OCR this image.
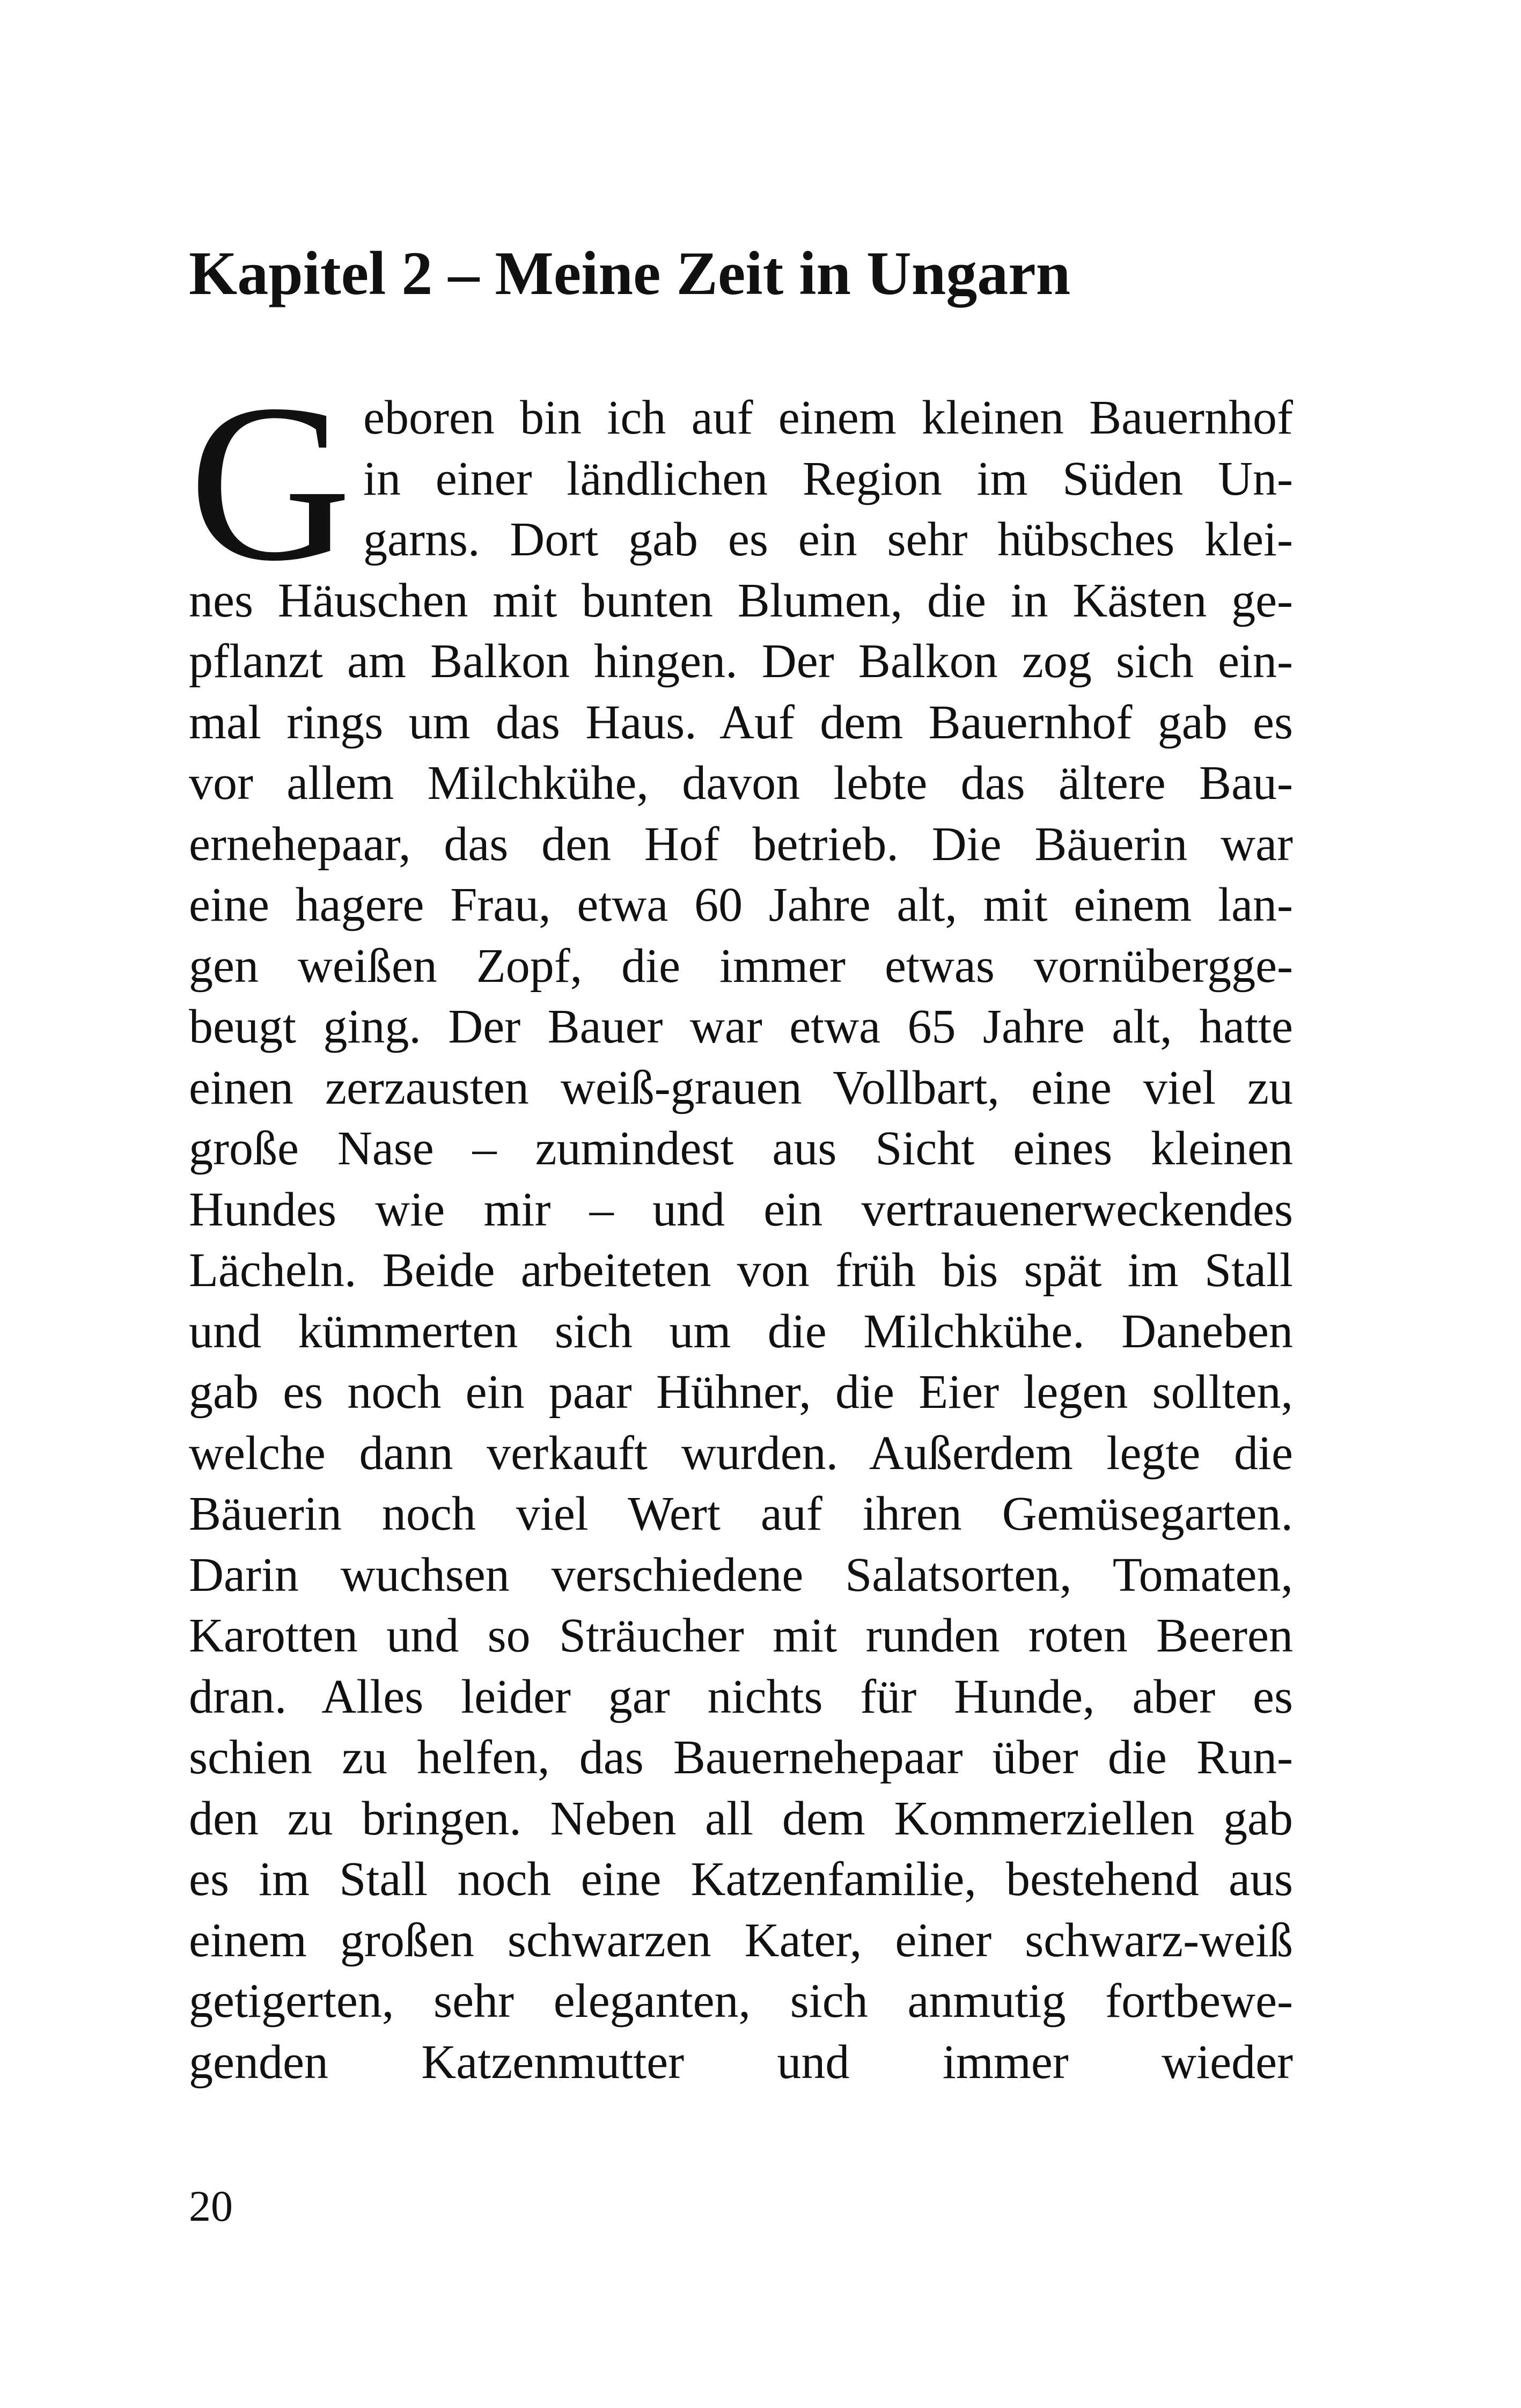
Kapitel 2 – Meine Zeit in Ungarn
G eboren bin ich auf einem kleinen Bauernhof
in einer ländlichen Region im Süden Un-
garns. Dort gab es ein sehr hübsches klei-
nes Häuschen mit bunten Blumen, die in Kästen ge-
pflanzt am Balkon hingen. Der Balkon zog sich ein-
mal rings um das Haus. Auf dem Bauernhof gab es
vor allem Milchkühe, davon lebte das ältere Bau-
ernehepaar, das den Hof betrieb. Die Bäuerin war
eine hagere Frau, etwa 60 Jahre alt, mit einem lan-
gen weißen Zopf, die immer etwas vornübergge-
beugt ging. Der Bauer war etwa 65 Jahre alt, hatte
einen zerzausten weiß-grauen Vollbart, eine viel zu
große Nase – zumindest aus Sicht eines kleinen
Hundes wie mir – und ein vertrauenerweckendes
Lächeln. Beide arbeiteten von früh bis spät im Stall
und kümmerten sich um die Milchkühe. Daneben
gab es noch ein paar Hühner, die Eier legen sollten,
welche dann verkauft wurden. Außerdem legte die
Bäuerin noch viel Wert auf ihren Gemüsegarten.
Darin wuchsen verschiedene Salatsorten, Tomaten,
Karotten und so Sträucher mit runden roten Beeren
dran. Alles leider gar nichts für Hunde, aber es
schien zu helfen, das Bauernehepaar über die Run-
den zu bringen. Neben all dem Kommerziellen gab
es im Stall noch eine Katzenfamilie, bestehend aus
einem großen schwarzen Kater, einer schwarz-weiß
getigerten, sehr eleganten, sich anmutig fortbewe-
genden Katzenmutter und immer wieder
20
